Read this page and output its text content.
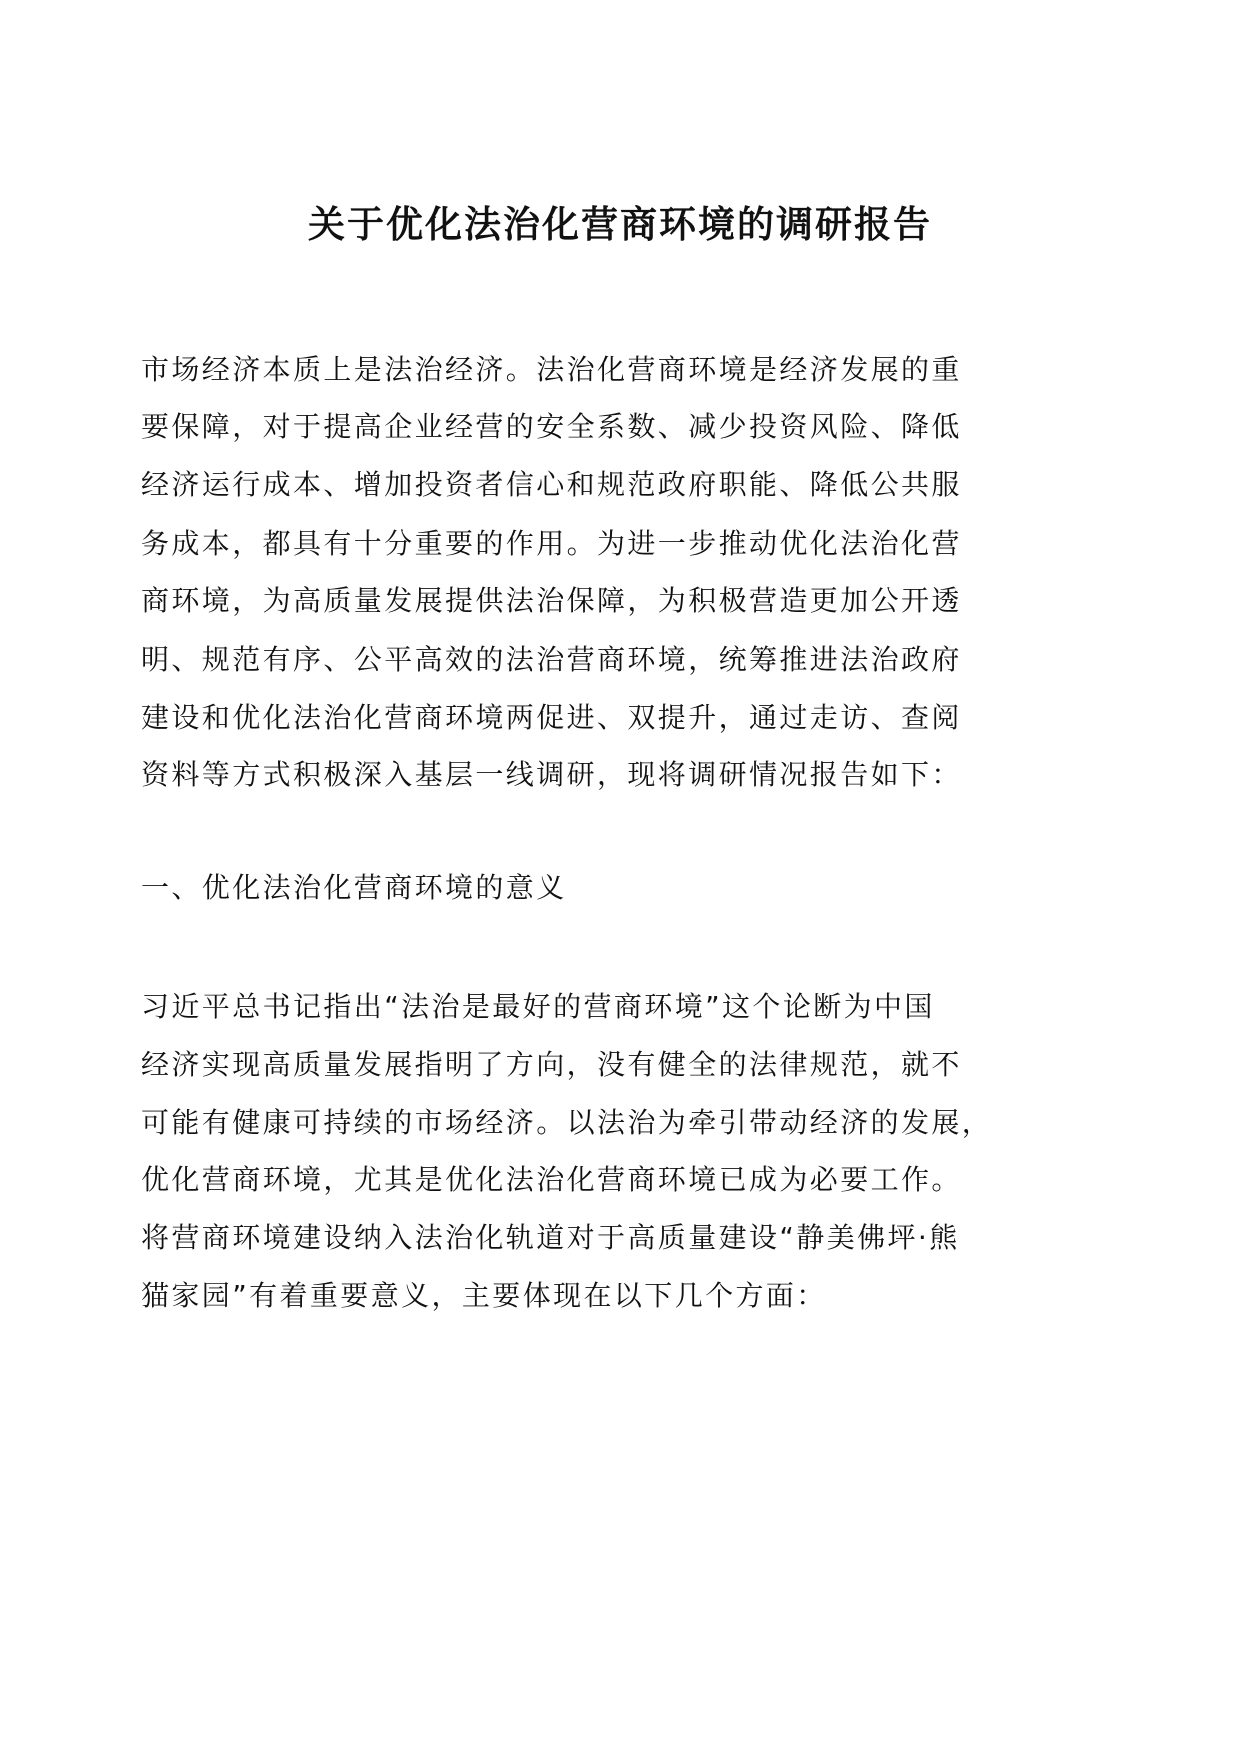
关于优化法治化营商环境的调研报告
市场经济本质上是法治经济。法治化营商环境是经济发展的重
要保障，对于提高企业经营的安全系数、减少投资风险、降低
经济运行成本、增加投资者信心和规范政府职能、降低公共服
务成本，都具有十分重要的作用。为进一步推动优化法治化营
商环境，为高质量发展提供法治保障，为积极营造更加公开透
明、规范有序、公平高效的法治营商环境，统筹推进法治政府
建设和优化法治化营商环境两促进、双提升，通过走访、查阅
资料等方式积极深入基层一线调研，现将调研情况报告如下：
一、优化法治化营商环境的意义
习近平总书记指出“法治是最好的营商环境”这个论断为中国
经济实现高质量发展指明了方向，没有健全的法律规范，就不
可能有健康可持续的市场经济。以法治为牵引带动经济的发展，
优化营商环境，尤其是优化法治化营商环境已成为必要工作。
将营商环境建设纳入法治化轨道对于高质量建设“静美佛坪·熊
猫家园”有着重要意义，主要体现在以下几个方面：
